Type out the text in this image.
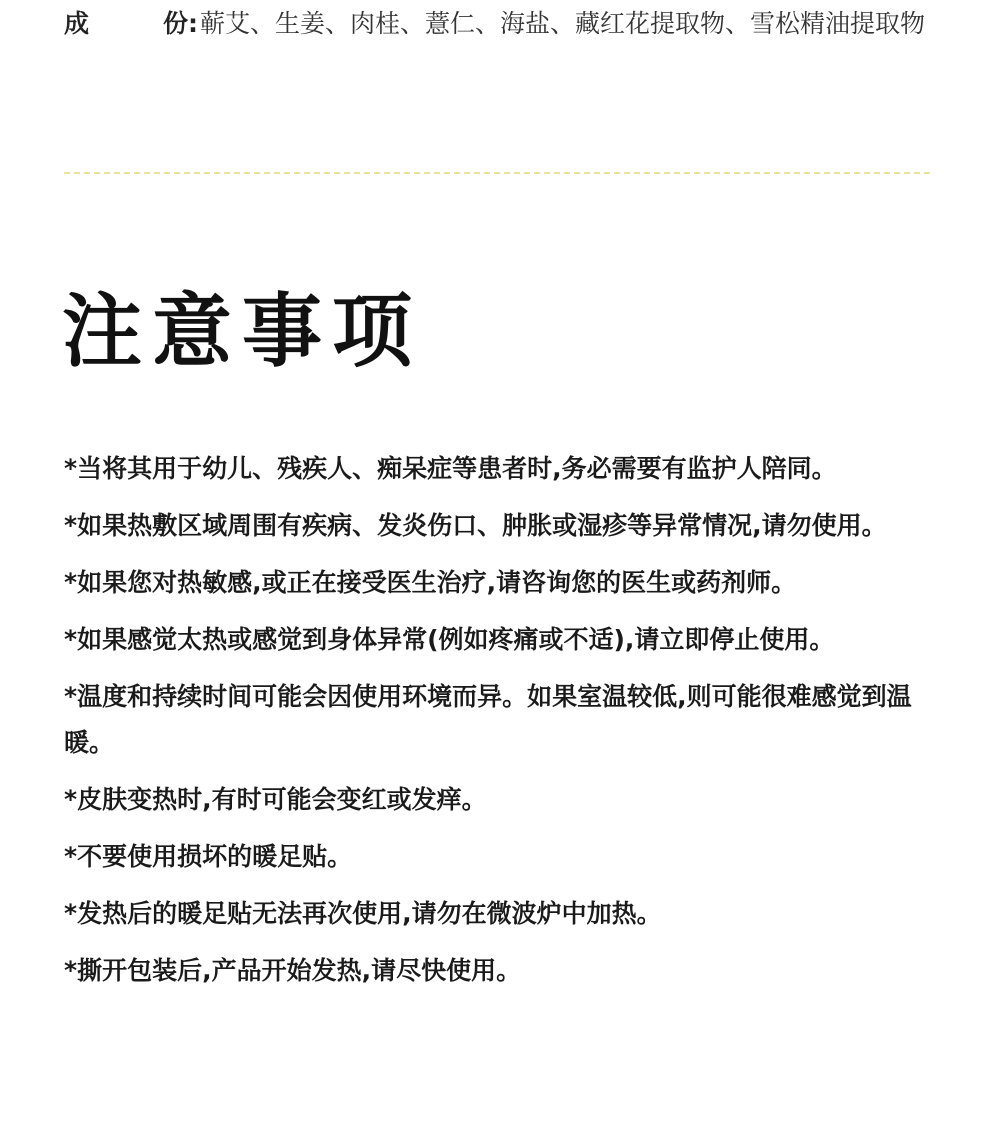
成	份:蕲艾、生姜、肉桂、薏仁、海盐、藏红花提取物、雪松精油提取物
注意事项
*当将其用于幼儿、残疾人、痴呆症等患者时,务必需要有监护人陪同。
*如果热敷区域周围有疾病、发炎伤口、肿胀或湿疹等异常情况,请勿使用。
*如果您对热敏感,或正在接受医生治疗,请咨询您的医生或药剂师。
*如果感觉太热或感觉到身体异常(例如疼痛或不适),请立即停止使用。
*温度和持续时间可能会因使用环境而异。如果室温较低,则可能很难感觉到温暖。
*皮肤变热时,有时可能会变红或发痒。
*不要使用损坏的暖足贴。
*发热后的暖足贴无法再次使用,请勿在微波炉中加热。
*撕开包装后,产品开始发热,请尽快使用。
